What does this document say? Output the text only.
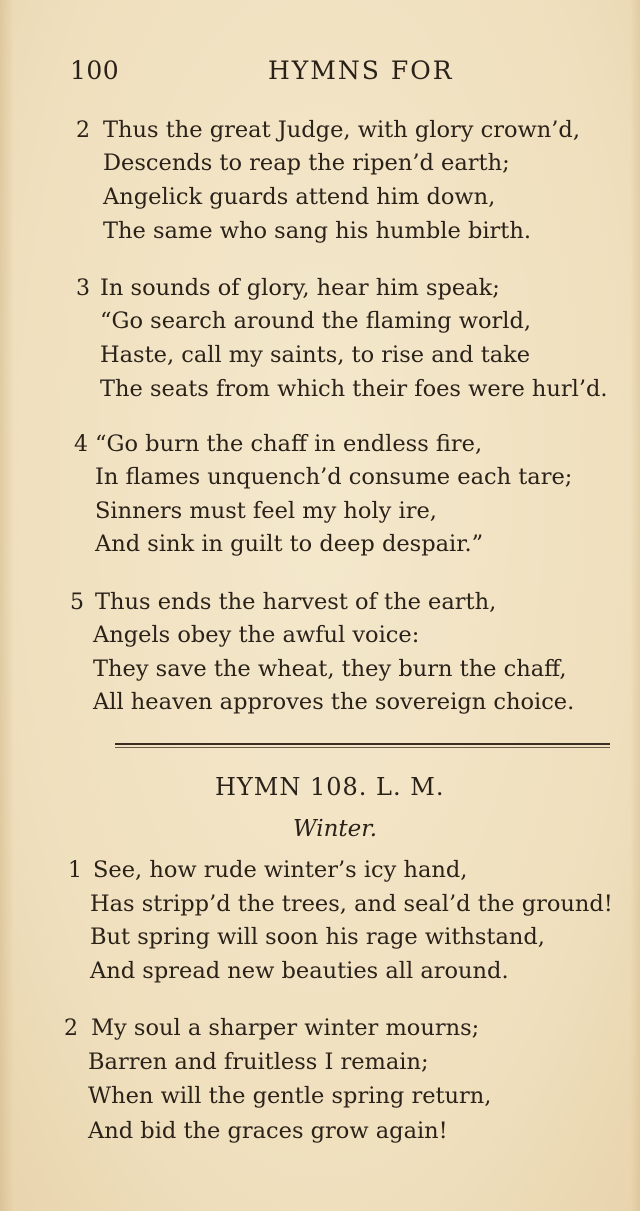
100	HYMNS FOR
2 Thus the great Judge, with glory crown’d,
Descends to reap the ripen’d earth;
Angelick guards attend him down,
The same who sang his humble birth.
3 In sounds of glory, hear him speak;
“Go search around the flaming world,
Haste, call my saints, to rise and take
The seats from which their foes were hurl’d.
4 “Go burn the chaff in endless fire,
In flames unquench’d consume each tare;
Sinners must feel my holy ire,
And sink in guilt to deep despair.”
5 Thus ends the harvest of the earth,
Angels obey the awful voice:
They save the wheat, they burn the chaff,
All heaven approves the sovereign choice.
HYMN 108. L. M.
Winter.
1 See, how rude winter’s icy hand,
Has stripp’d the trees, and seal’d the ground!
But spring will soon his rage withstand,
And spread new beauties all around.
2 My soul a sharper winter mourns;
Barren and fruitless I remain;
When will the gentle spring return,
And bid the graces grow again!
